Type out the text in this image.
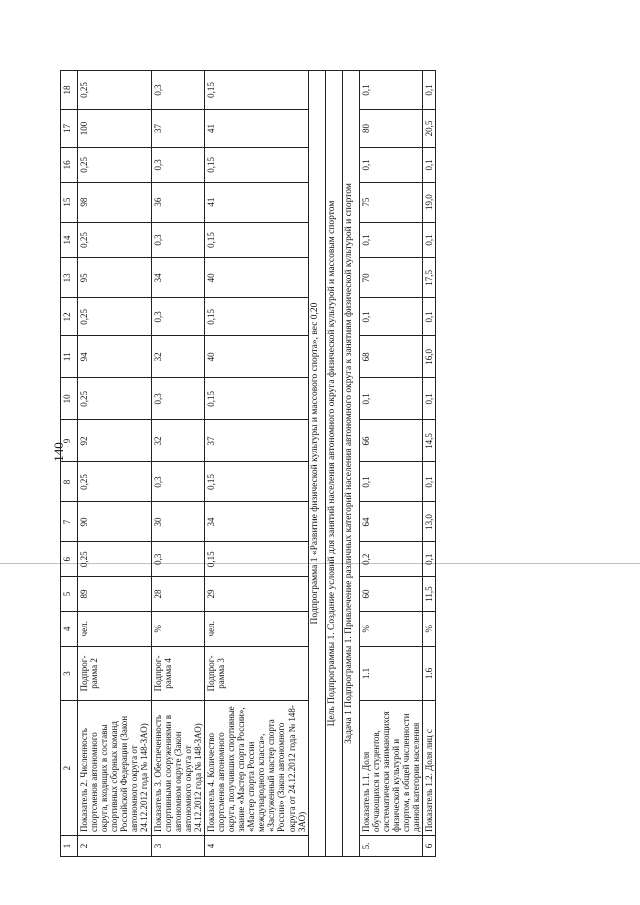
140
1	2	3	4	5	6	7	8	9	10	11	12	13	14	15	16	17	18
2	Показатель 2. Численность спортсменов автономного округа, входящих в составы спортивных сборных команд Российской Федерации (Закон автономного округа от 24.12.2012 года № 148-ЗАО)	Подпрог-рамма 2	чел.	89	0,25	90	0,25	92	0,25	94	0,25	95	0,25	98	0,25	100	0,25
3	Показатель 3. Обеспеченность спортивными сооружениями в автономном округе (Закон автономного округа от 24.12.2012 года № 148-ЗАО)	Подпрог-рамма 4	%	28	0,3	30	0,3	32	0,3	32	0,3	34	0,3	36	0,3	37	0,3
4	Показатель 4. Количество спортсменов автономного округа, получивших спортивные звание «Мастер спорта России», «Мастер спорта России международного класса», «Заслуженный мастер спорта России» (Закон автономного округа от 24.12.2012 года № 148-ЗАО)	Подпрог-рамма 3	чел.	29	0,15	34	0,15	37	0,15	40	0,15	40	0,15	41	0,15	41	0,15
Подпрограмма 1 «Развитие физической культуры и массового спорта», вес 0,20																	
Цель Подпрограммы 1. Создание условий для занятий населения автономного округа физической культурой и массовым спортом																	
Задача 1 Подпрограммы 1. Привлечение различных категорий населения автономного округа к занятиям физической культурой и спортом																	
5.	Показатель 1.1. Доля обучающихся и студентов, систематически занимающихся физической культурой и спортом, в общей численности данной категории населения	1.1	%	60	0,2	64	0,1	66	0,1	68	0,1	70	0,1	75	0,1	80	0,1
6	Показатель 1.2. Доля лиц с	1.6	%	11,5	0,1	13,0	0,1	14,5	0,1	16,0	0,1	17,5	0,1	19,0	0,1	20,5	0,1
